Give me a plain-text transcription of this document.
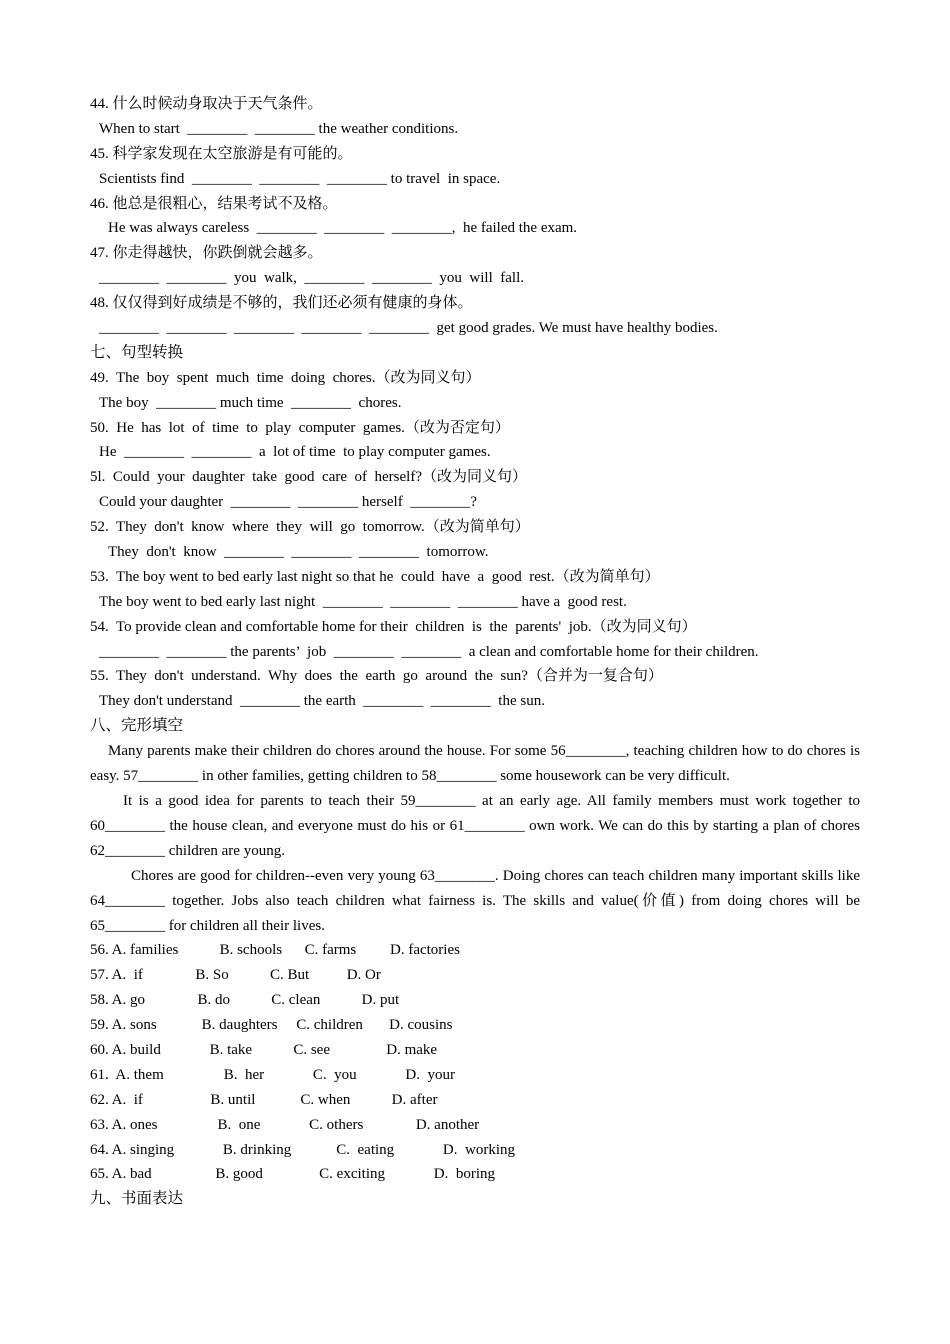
44. 什么时候动身取决于天气条件。
When to start  ________  ________ the weather conditions.
45. 科学家发现在太空旅游是有可能的。
Scientists find  ________  ________  ________ to travel  in space.
46. 他总是很粗心，结果考试不及格。
He was always careless  ________  ________  ________,  he failed the exam.
47. 你走得越快，你跌倒就会越多。
________  ________  you  walk,  ________  ________  you  will  fall.
48. 仅仅得到好成绩是不够的，我们还必须有健康的身体。
________  ________  ________  ________  ________  get good grades. We must have healthy bodies.
七、句型转换
49.  The  boy  spent  much  time  doing  chores.（改为同义句）
The boy  ________ much time  ________  chores.
50.  He  has  lot  of  time  to  play  computer  games.（改为否定句）
He  ________  ________  a  lot of time  to play computer games.
5l.  Could  your  daughter  take  good  care  of  herself?（改为同义句）
Could your daughter  ________  ________ herself  ________?
52.  They  don't  know  where  they  will  go  tomorrow.（改为简单句）
They  don't  know  ________  ________  ________  tomorrow.
53.  The boy went to bed early last night so that he  could  have  a  good  rest.（改为简单句）
The boy went to bed early last night  ________  ________  ________ have a  good rest.
54.  To provide clean and comfortable home for their  children  is  the  parents'  job.（改为同义句）
________  ________ the parents’  job  ________  ________  a clean and comfortable home for their children.
55.  They  don't  understand.  Why  does  the  earth  go  around  the  sun?（合并为一复合句）
They don't understand  ________ the earth  ________  ________  the sun.
八、完形填空
Many parents make their children do chores around the house. For some 56________, teaching children how to do chores is easy. 57________ in other families, getting children to 58________ some housework can be very difficult.
It is a good idea for parents to teach their 59________ at an early age. All family members must work together to 60________ the house clean, and everyone must do his or 61________ own work. We can do this by starting a plan of chores 62________ children are young.
Chores are good for children--even very young 63________. Doing chores can teach children many important skills like 64________ together. Jobs also teach children what fairness is. The skills and value(价值) from doing chores will be 65________ for children all their lives.
56. A. families           B. schools      C. farms         D. factories
57. A.  if              B. So           C. But          D. Or
58. A. go              B. do           C. clean           D. put
59. A. sons            B. daughters     C. children       D. cousins
60. A. build             B. take           C. see               D. make
61.  A. them                B.  her             C.  you             D.  your
62. A.  if                  B. until            C. when           D. after
63. A. ones                B.  one             C. others              D. another
64. A. singing             B. drinking            C.  eating             D.  working
65. A. bad                 B. good               C. exciting             D.  boring
九、书面表达
